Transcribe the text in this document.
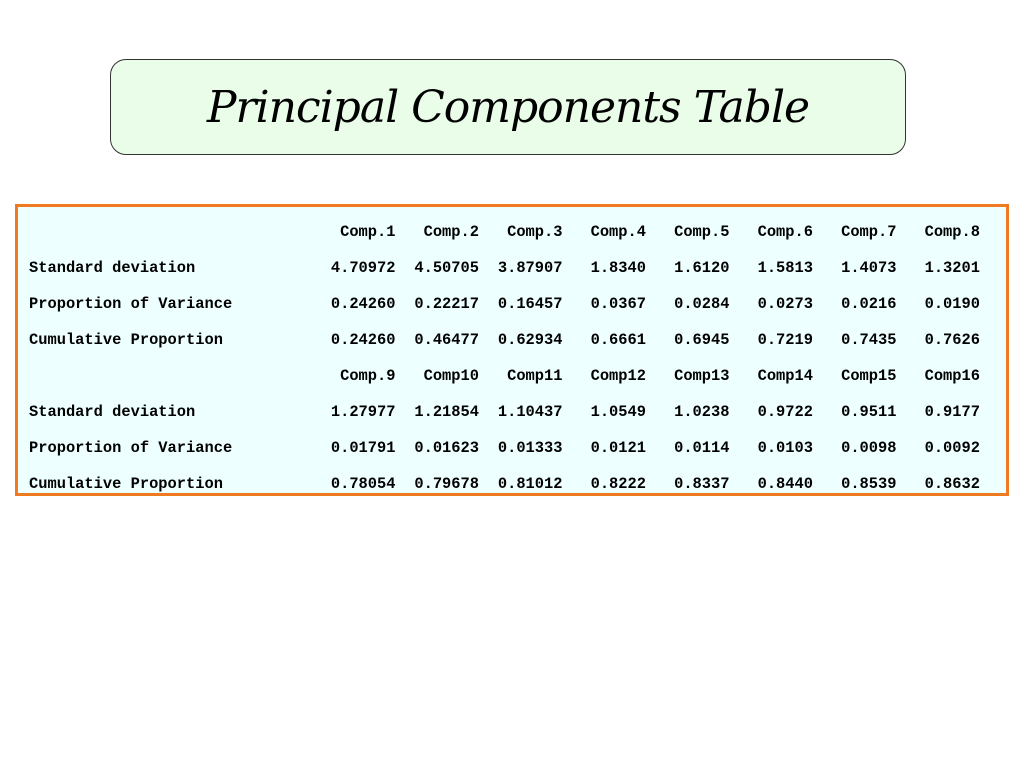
Principal Components Table
Comp.1 Comp.2 Comp.3 Comp.4 Comp.5 Comp.6 Comp.7 Comp.8
Standard deviation	4.70972 4.50705 3.87907 1.8340 1.6120 1.5813 1.4073 1.3201
Proportion of Variance	0.24260 0.22217 0.16457 0.0367 0.0284 0.0273 0.0216 0.0190
Cumulative Proportion	0.24260 0.46477 0.62934 0.6661 0.6945 0.7219 0.7435 0.7626
Comp.9 Comp10 Comp11 Comp12 Comp13 Comp14 Comp15 Comp16
Standard deviation	1.27977 1.21854 1.10437 1.0549 1.0238 0.9722 0.9511 0.9177
Proportion of Variance	0.01791 0.01623 0.01333 0.0121 0.0114 0.0103 0.0098 0.0092
Cumulative Proportion	0.78054 0.79678 0.81012 0.8222 0.8337 0.8440 0.8539 0.8632
